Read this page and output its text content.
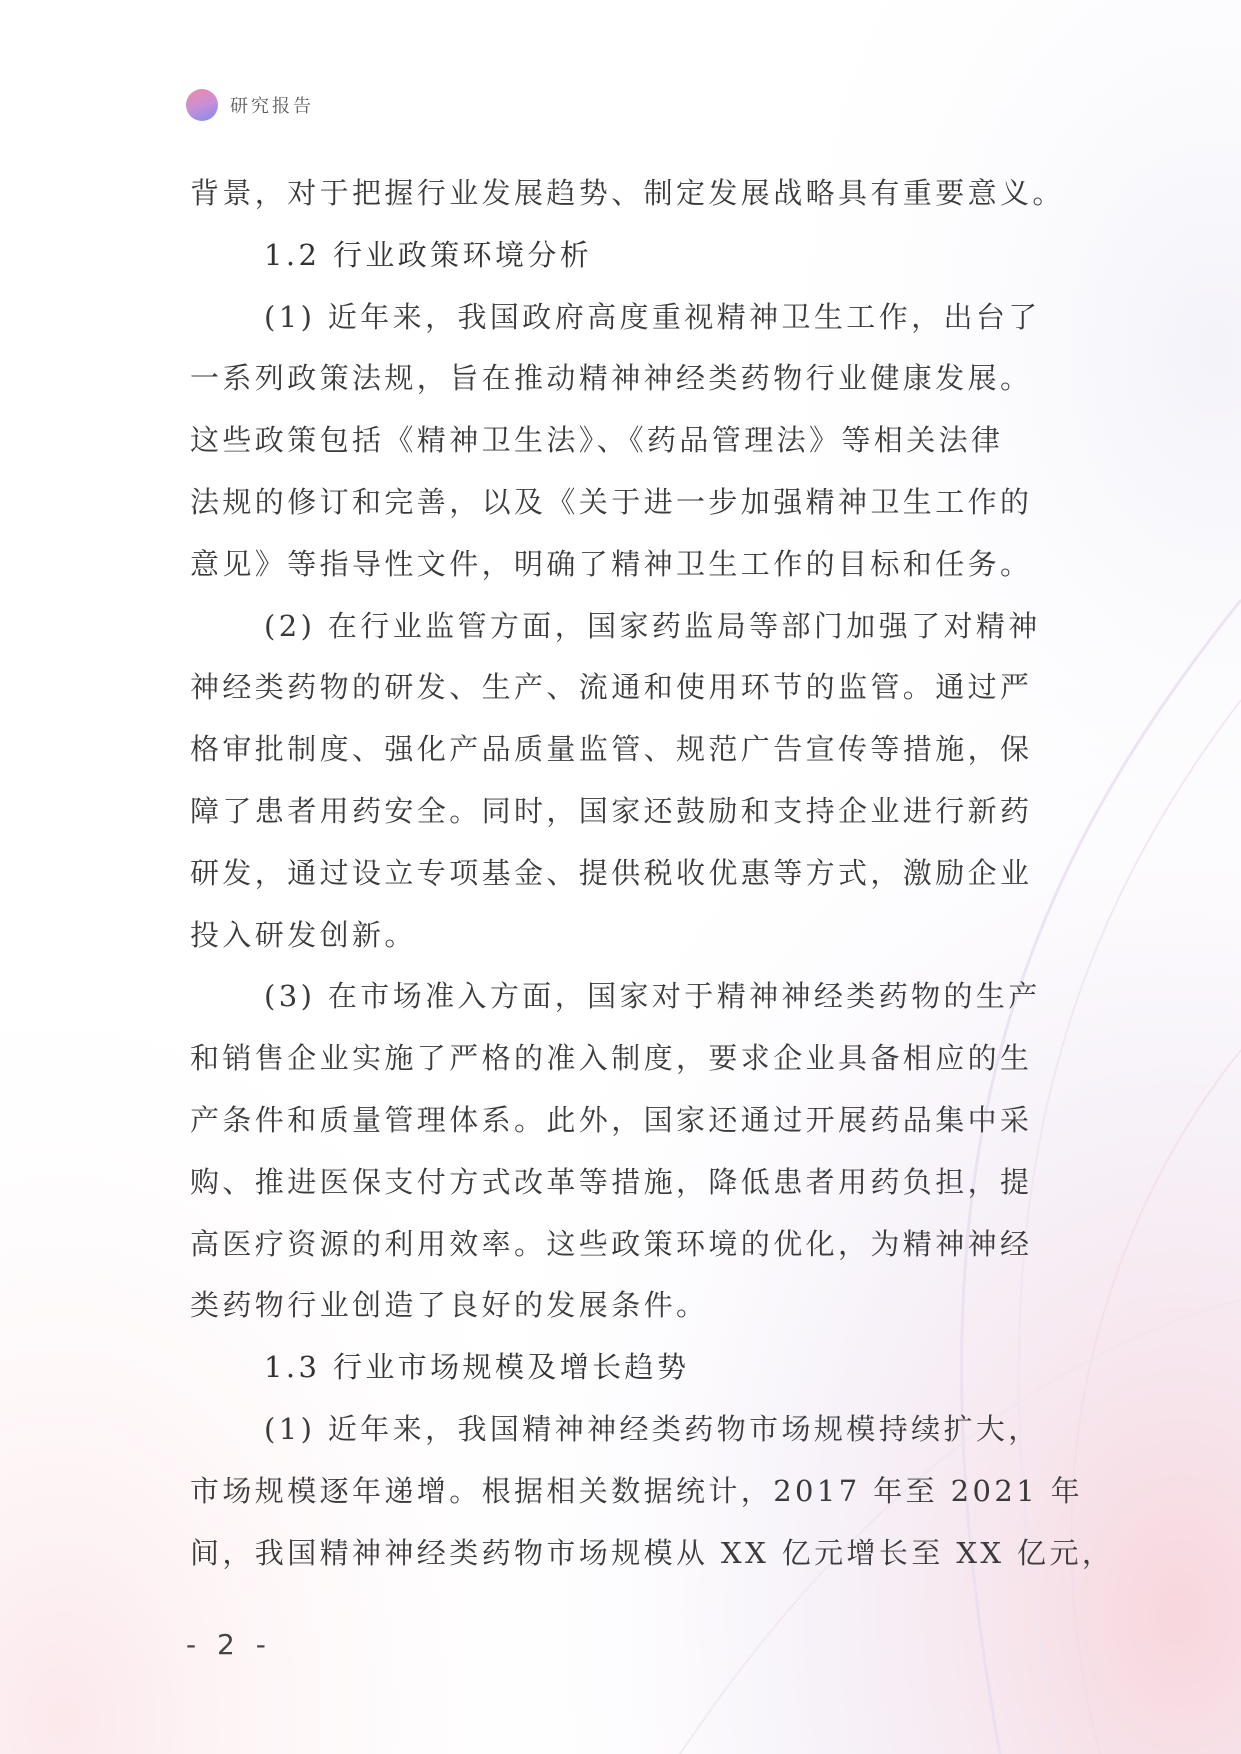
研究报告
背景，对于把握行业发展趋势、制定发展战略具有重要意义。
1.2 行业政策环境分析
(1) 近年来，我国政府高度重视精神卫生工作，出台了
一系列政策法规，旨在推动精神神经类药物行业健康发展。
这些政策包括《精神卫生法》、《药品管理法》等相关法律
法规的修订和完善，以及《关于进一步加强精神卫生工作的
意见》等指导性文件，明确了精神卫生工作的目标和任务。
(2) 在行业监管方面，国家药监局等部门加强了对精神
神经类药物的研发、生产、流通和使用环节的监管。通过严
格审批制度、强化产品质量监管、规范广告宣传等措施，保
障了患者用药安全。同时，国家还鼓励和支持企业进行新药
研发，通过设立专项基金、提供税收优惠等方式，激励企业
投入研发创新。
(3) 在市场准入方面，国家对于精神神经类药物的生产
和销售企业实施了严格的准入制度，要求企业具备相应的生
产条件和质量管理体系。此外，国家还通过开展药品集中采
购、推进医保支付方式改革等措施，降低患者用药负担，提
高医疗资源的利用效率。这些政策环境的优化，为精神神经
类药物行业创造了良好的发展条件。
1.3 行业市场规模及增长趋势
(1) 近年来，我国精神神经类药物市场规模持续扩大，
市场规模逐年递增。根据相关数据统计，2017 年至 2021 年
间，我国精神神经类药物市场规模从 XX 亿元增长至 XX 亿元，
- 2 -
